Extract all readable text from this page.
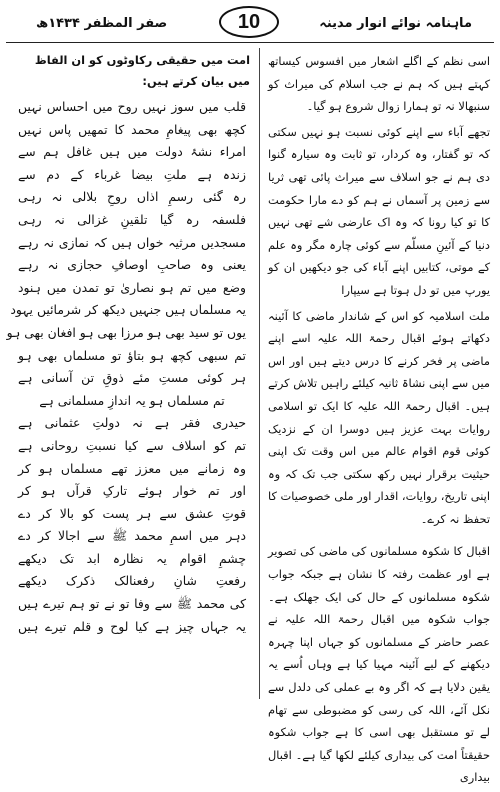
صفر المظفر ۱۴۳۴ھ	10	ماہنامہ نوائے انوار مدینہ

اسی نظم کے اگلے اشعار میں افسوس کیساتھ کہتے ہیں کہ ہم نے جب اسلام کی میراث کو سنبھالا نہ تو ہمارا زوال شروع ہو گیا۔

تجھے آباء سے اپنے کوئی نسبت ہو نہیں سکتی کہ تو گفتار، وہ کردار، تو ثابت وہ سیارہ گنوا دی ہم نے جو اسلاف سے میراث پائی تھی ثریا سے زمین پر آسماں نے ہم کو دے مارا حکومت کا تو کیا رونا کہ وہ اک عارضی شے تھی نہیں دنیا کے آئینِ مسلّم سے کوئی چارہ مگر وہ علم کے موتی، کتابیں اپنے آباء کی جو دیکھیں ان کو یورپ میں تو دل ہوتا ہے سیپارا

ملت اسلامیہ کو اس کے شاندار ماضی کا آئینہ دکھاتے ہوئے اقبال رحمۃ اللہ علیہ اسے اپنے ماضی پر فخر کرنے کا درس دیتے ہیں اور اس میں سے اپنی نشاۃ ثانیہ کیلئے راہیں تلاش کرتے ہیں۔ اقبال رحمۃ اللہ علیہ کا ایک تو اسلامی روایات بہت عزیز ہیں دوسرا ان کے نزدیک کوئی قوم اقوام عالم میں اس وقت تک اپنی حیثیت برقرار نہیں رکھ سکتی جب تک کہ وہ اپنی تاریخ، روایات، اقدار اور ملی خصوصیات کا تحفظ نہ کرے۔

اقبال کا شکوہ مسلمانوں کی ماضی کی تصویر ہے اور عظمت رفتہ کا نشان ہے جبکہ جواب شکوہ مسلمانوں کے حال کی ایک جھلک ہے۔ جواب شکوہ میں اقبال رحمۃ اللہ علیہ نے عصر حاضر کے مسلمانوں کو جہاں اپنا چہرہ دیکھنے کے لیے آئینہ مہیا کیا ہے وہاں اُسے یہ یقین دلایا ہے کہ اگر وہ بے عملی کی دلدل سے نکل آئے، اللہ کی رسی کو مضبوطی سے تھام لے تو مستقبل بھی اسی کا ہے جواب شکوہ حقیقتاً امت کی بیداری کیلئے لکھا گیا ہے۔ اقبال بیداری

امت میں حقیقی رکاوٹوں کو ان الفاظ میں بیان کرتے ہیں:

قلب میں سوز نہیں روح میں احساس نہیں
کچھ بھی پیغامِ محمد کا تمھیں پاس نہیں
امراء نشۂ دولت میں ہیں غافل ہم سے
زندہ ہے ملتِ بیضا غرباء کے دم سے
رہ گئی رسمِ اذاں روحِ بلالی نہ رہی
فلسفہ رہ گیا تلقینِ غزالی نہ رہی
مسجدیں مرثیہ خواں ہیں کہ نمازی نہ رہے
یعنی وہ صاحبِ اوصافِ حجازی نہ رہے
وضع میں تم ہو نصاریٰ تو تمدن میں ہنود
یہ مسلماں ہیں جنہیں دیکھ کر شرمائیں یہود
یوں تو سید بھی ہو مرزا بھی ہو افغان بھی ہو
تم سبھی کچھ ہو بتاؤ تو مسلماں بھی ہو
ہر کوئی مستِ مئے ذوقِ تن آسانی ہے
تم مسلماں ہو یہ اندازِ مسلمانی ہے
حیدری فقر ہے نہ دولتِ عثمانی ہے
تم کو اسلاف سے کیا نسبتِ روحانی ہے
وہ زمانے میں معزز تھے مسلماں ہو کر
اور تم خوار ہوئے تارکِ قرآں ہو کر
قوتِ عشق سے ہر پست کو بالا کر دے
دہر میں اسمِ محمد ﷺ سے اجالا کر دے
چشمِ اقوام یہ نظارہ ابد تک دیکھے
رفعتِ شانِ رفعنالک ذکرک دیکھے
کی محمد ﷺ سے وفا تو نے تو ہم تیرے ہیں
یہ جہاں چیز ہے کیا لوح و قلم تیرے ہیں
